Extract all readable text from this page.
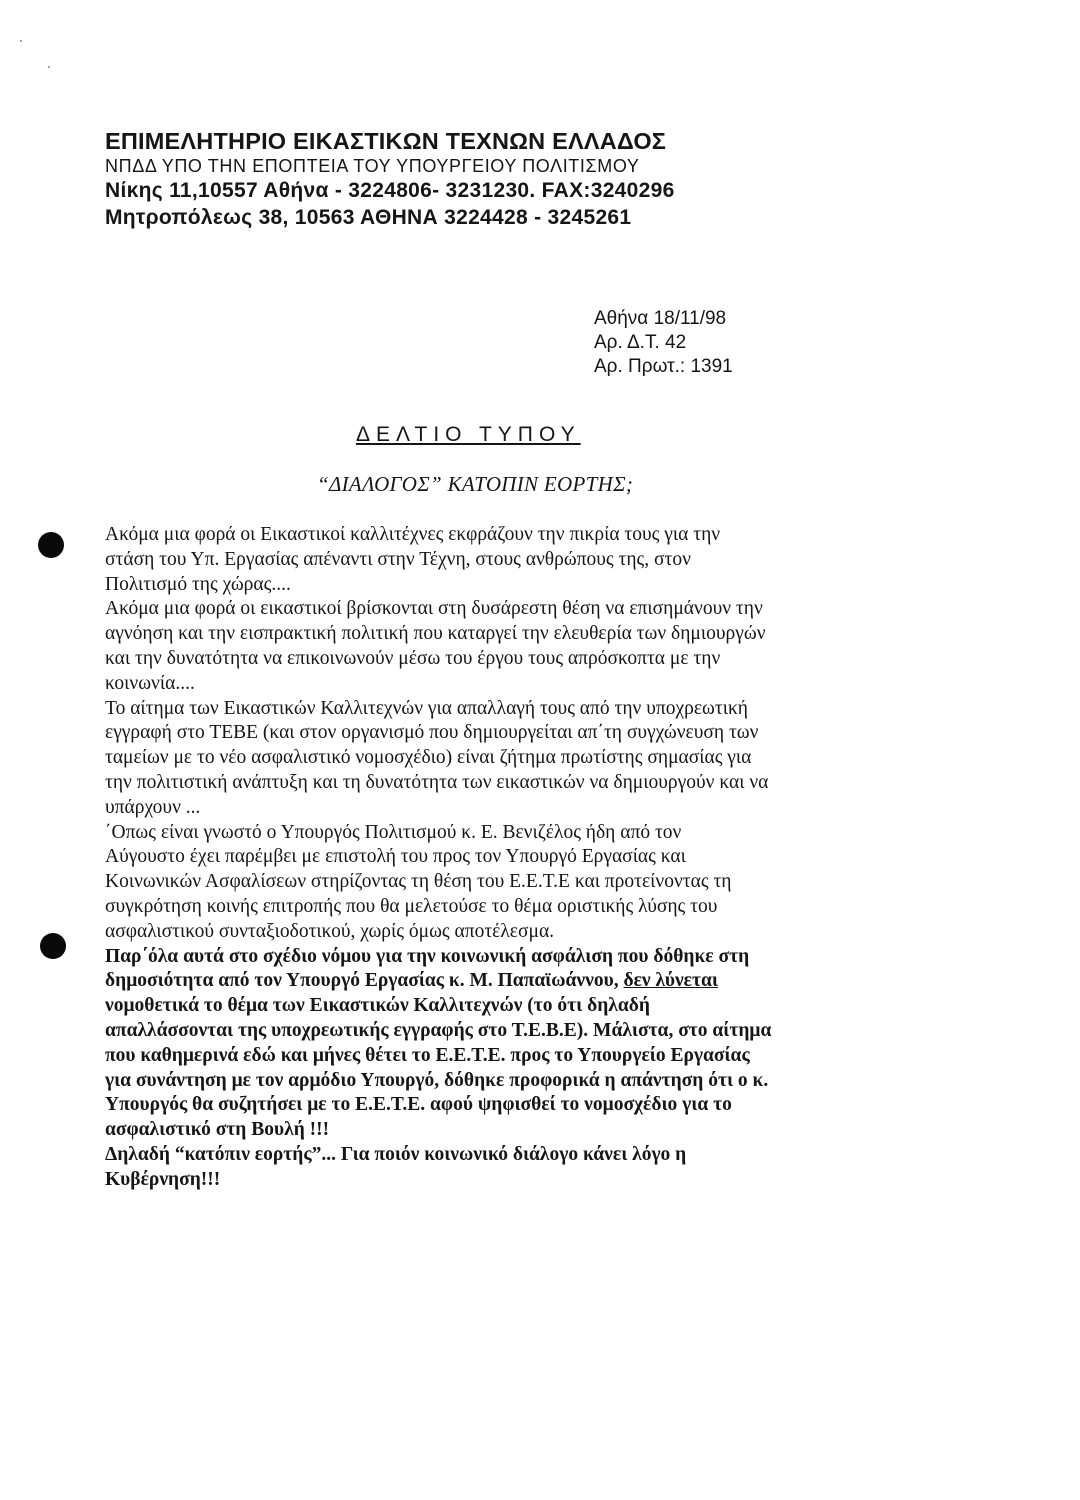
ΕΠΙΜΕΛΗΤΗΡΙΟ ΕΙΚΑΣΤΙΚΩΝ ΤΕΧΝΩΝ ΕΛΛΑΔΟΣ
ΝΠΔΔ ΥΠΟ ΤΗΝ ΕΠΟΠΤΕΙΑ ΤΟΥ ΥΠΟΥΡΓΕΙΟΥ ΠΟΛΙΤΙΣΜΟΥ
Νίκης 11,10557 Αθήνα - 3224806- 3231230. FAX:3240296
Μητροπόλεως 38, 10563 ΑΘΗΝΑ 3224428 - 3245261
Αθήνα 18/11/98
Αρ. Δ.Τ. 42
Αρ. Πρωτ.: 1391
ΔΕΛΤΙΟ ΤΥΠΟΥ
“ΔΙΑΛΟΓΟΣ” ΚΑΤΟΠΙΝ ΕΟΡΤΗΣ;
Ακόμα μια φορά οι Εικαστικοί καλλιτέχνες εκφράζουν την πικρία τους για την
στάση του Υπ. Εργασίας απέναντι στην Τέχνη, στους ανθρώπους της, στον
Πολιτισμό της χώρας....
Ακόμα μια φορά οι εικαστικοί βρίσκονται στη δυσάρεστη θέση να επισημάνουν την
αγνόηση και την εισπρακτική πολιτική που καταργεί την ελευθερία των δημιουργών
και την δυνατότητα να επικοινωνούν μέσω του έργου τους απρόσκοπτα με την
κοινωνία....
Το αίτημα των Εικαστικών Καλλιτεχνών για απαλλαγή τους από την υποχρεωτική
εγγραφή στο ΤΕΒΕ (και στον οργανισμό που δημιουργείται απ΄τη συγχώνευση των
ταμείων με το νέο ασφαλιστικό νομοσχέδιο) είναι ζήτημα πρωτίστης σημασίας για
την πολιτιστική ανάπτυξη και τη δυνατότητα των εικαστικών να δημιουργούν και να
υπάρχουν ...
΄Οπως είναι γνωστό ο Υπουργός Πολιτισμού κ. Ε. Βενιζέλος ήδη από τον
Αύγουστο έχει παρέμβει με επιστολή του προς τον Υπουργό Εργασίας και
Κοινωνικών Ασφαλίσεων στηρίζοντας τη θέση του Ε.Ε.Τ.Ε και προτείνοντας τη
συγκρότηση κοινής επιτροπής που θα μελετούσε το θέμα οριστικής λύσης του
ασφαλιστικού συνταξιοδοτικού, χωρίς όμως αποτέλεσμα.
Παρ΄όλα αυτά στο σχέδιο νόμου για την κοινωνική ασφάλιση που δόθηκε στη
δημοσιότητα από τον Υπουργό Εργασίας κ. Μ. Παπαϊωάννου, δεν λύνεται
νομοθετικά το θέμα των Εικαστικών Καλλιτεχνών (το ότι δηλαδή
απαλλάσσονται της υποχρεωτικής εγγραφής στο Τ.Ε.Β.Ε). Μάλιστα, στο αίτημα
που καθημερινά εδώ και μήνες θέτει το Ε.Ε.Τ.Ε. προς το Υπουργείο Εργασίας
για συνάντηση με τον αρμόδιο Υπουργό, δόθηκε προφορικά η απάντηση ότι ο κ.
Υπουργός θα συζητήσει με το Ε.Ε.Τ.Ε. αφού ψηφισθεί το νομοσχέδιο για το
ασφαλιστικό στη Βουλή !!!
Δηλαδή “κατόπιν εορτής”... Για ποιόν κοινωνικό διάλογο κάνει λόγο η
Κυβέρνηση!!!
